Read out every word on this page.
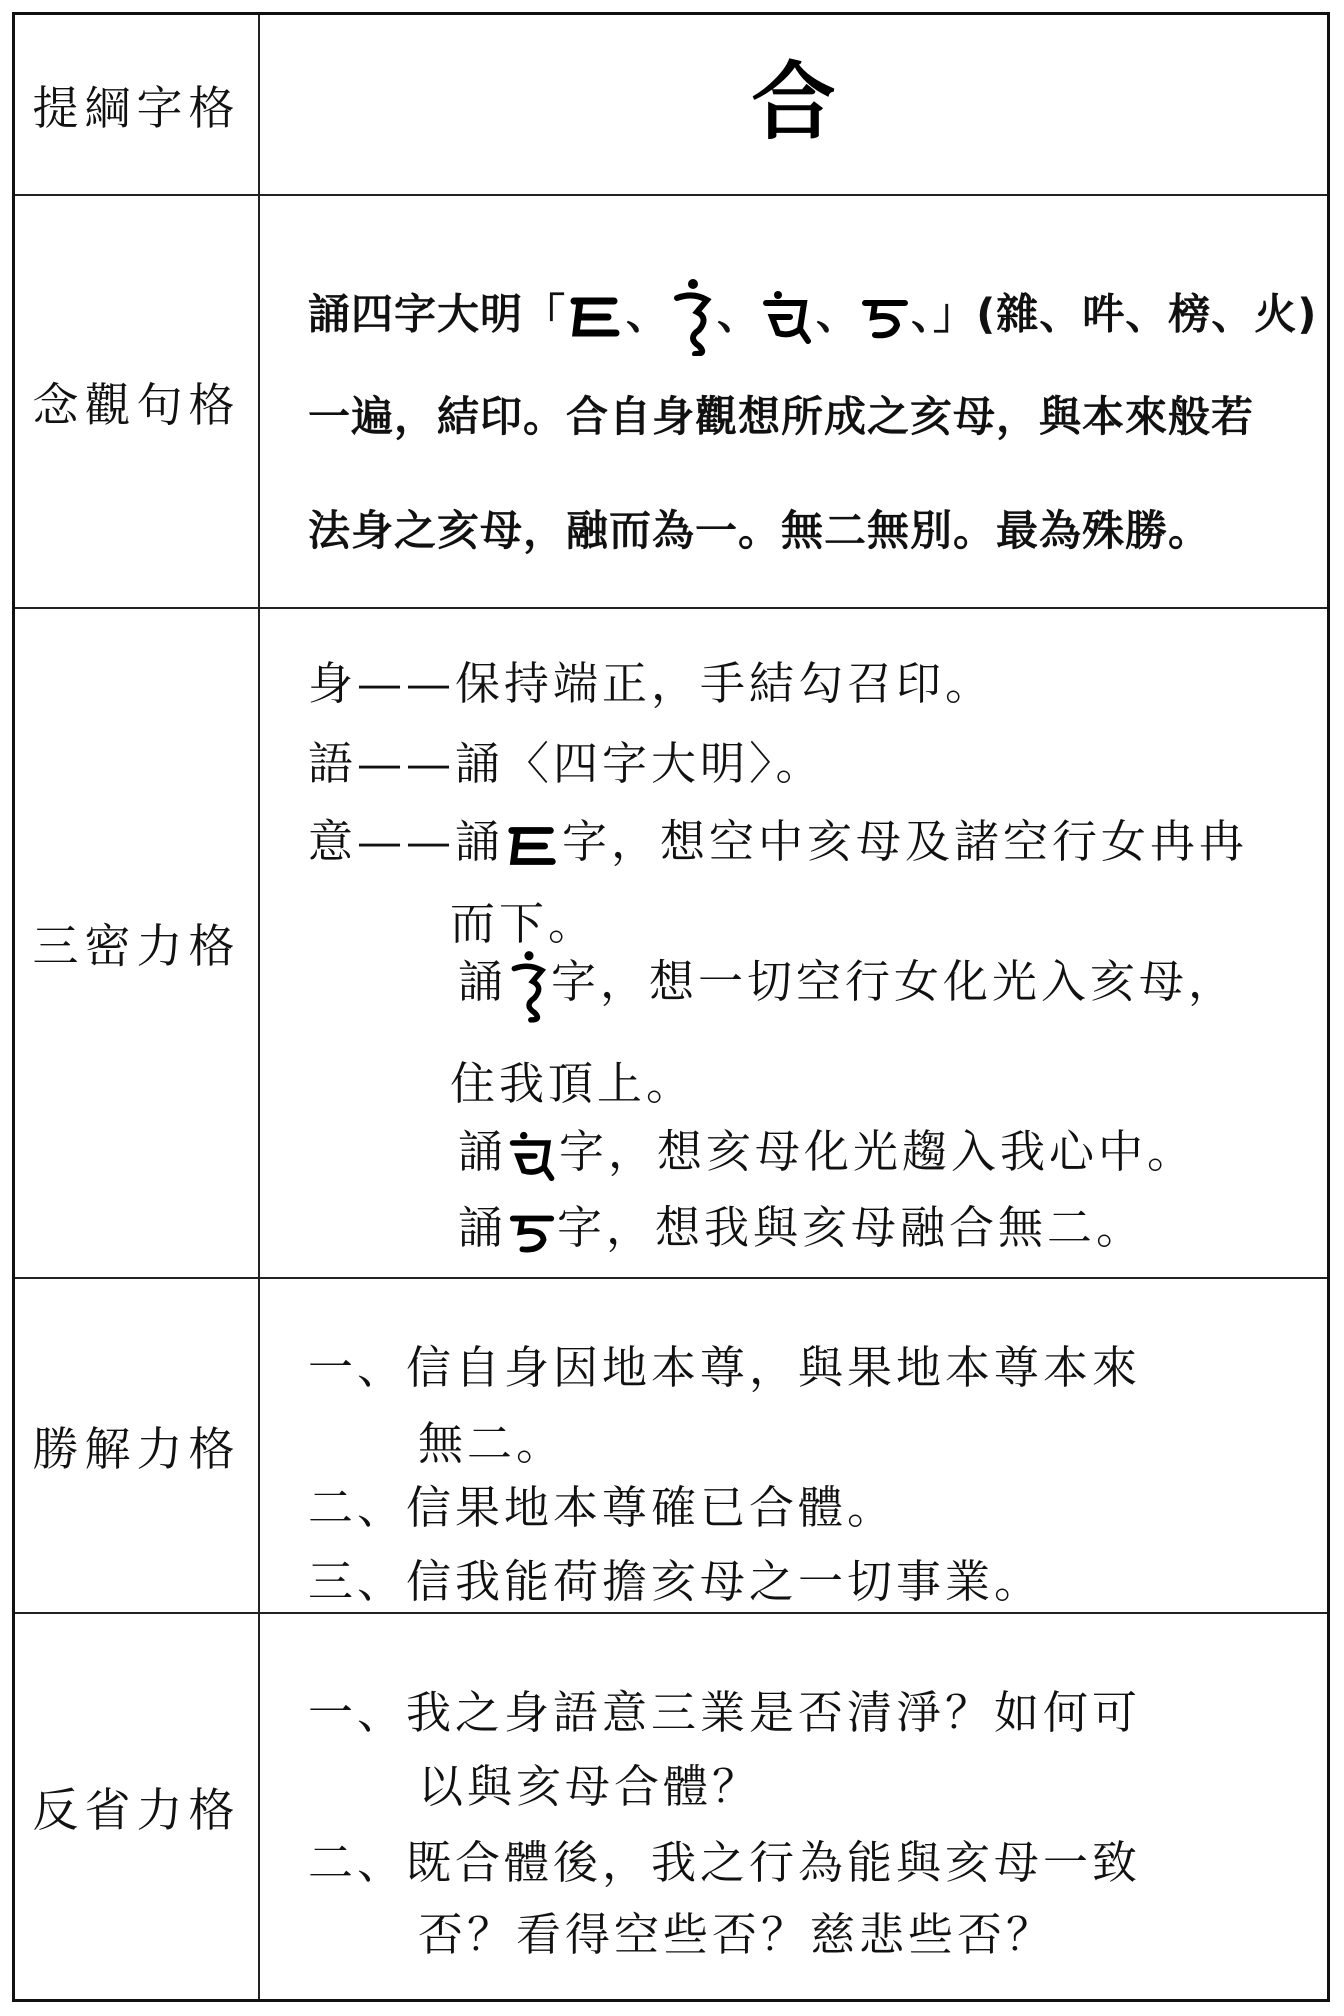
提綱字格	合
念觀句格
誦四字大明「 、 、 、 、」(雜、吽、榜、火)
一遍，結印。合自身觀想所成之亥母，與本來般若
法身之亥母，融而為一。無二無別。最為殊勝。
三密力格
身——保持端正，手結勾召印。
語——誦〈四字大明〉。
意——誦 字，想空中亥母及諸空行女冉冉
而下。
誦 字，想一切空行女化光入亥母，
住我頂上。
誦 字，想亥母化光趨入我心中。
誦 字，想我與亥母融合無二。
勝解力格
一、信自身因地本尊，與果地本尊本來
無二。
二、信果地本尊確已合體。
三、信我能荷擔亥母之一切事業。
反省力格
一、我之身語意三業是否清淨？如何可
以與亥母合體？
二、既合體後，我之行為能與亥母一致
否？看得空些否？慈悲些否？
